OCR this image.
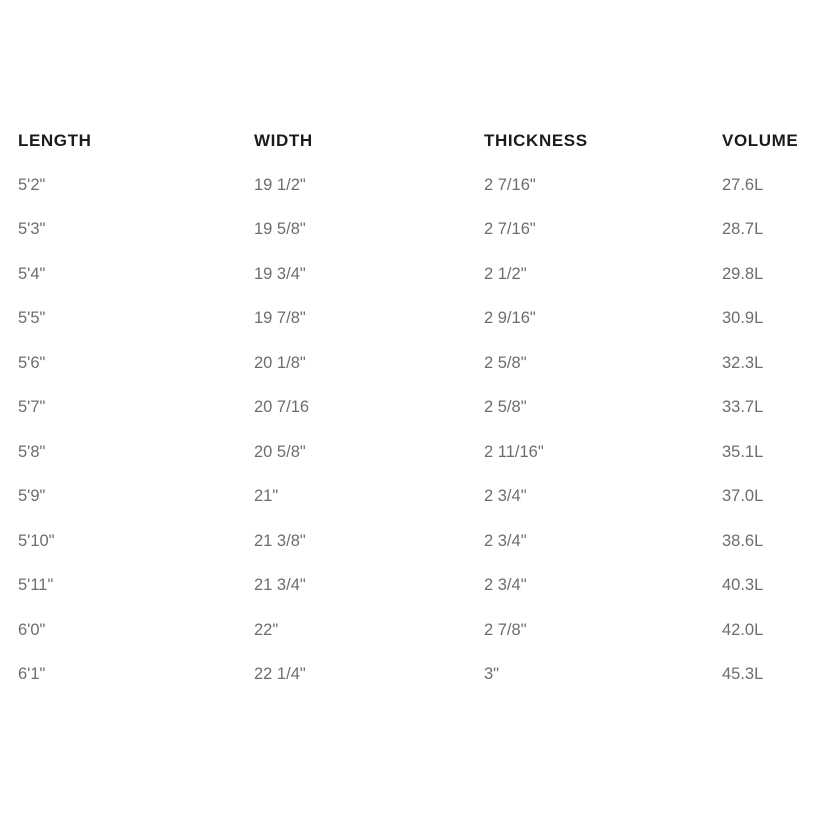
LENGTH	WIDTH	THICKNESS	VOLUME
5'2"	19 1/2"	2 7/16"	27.6L
5'3"	19 5/8"	2 7/16"	28.7L
5'4"	19 3/4"	2 1/2"	29.8L
5'5"	19 7/8"	2 9/16"	30.9L
5'6"	20 1/8"	2 5/8"	32.3L
5'7"	20 7/16	2 5/8"	33.7L
5'8"	20 5/8"	2 11/16"	35.1L
5'9"	21"	2 3/4"	37.0L
5'10"	21 3/8"	2 3/4"	38.6L
5'11"	21 3/4"	2 3/4"	40.3L
6'0"	22"	2 7/8"	42.0L
6'1"	22 1/4"	3"	45.3L
